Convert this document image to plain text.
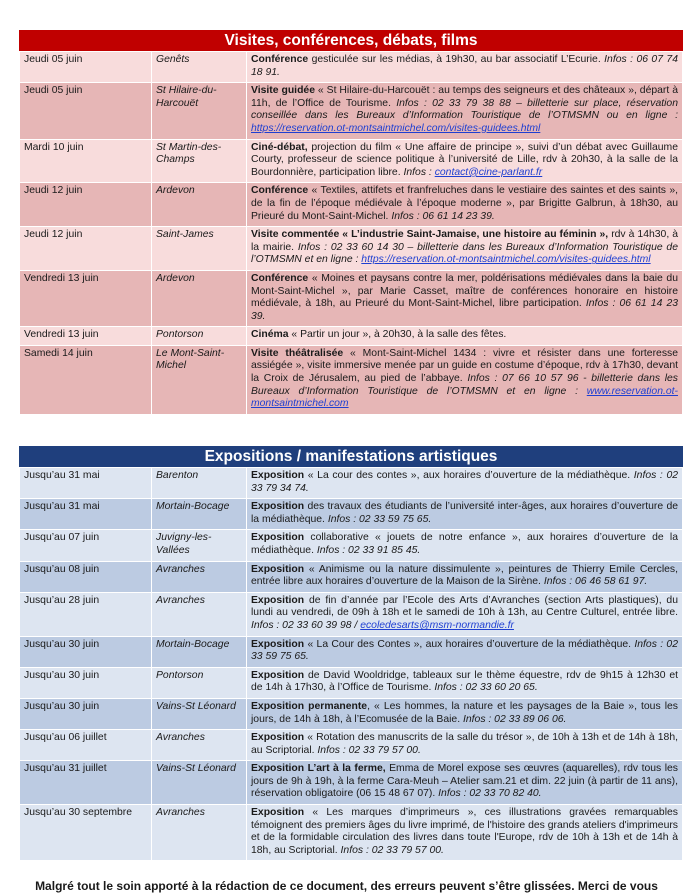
Visites, conférences, débats, films
Jeudi 05 juin	Genêts	Conférence gesticulée sur les médias, à 19h30, au bar associatif L’Ecurie. Infos : 06 07 74 18 91.
Jeudi 05 juin	St Hilaire-du-Harcouët	Visite guidée « St Hilaire-du-Harcouët : au temps des seigneurs et des châteaux », départ à 11h, de l’Office de Tourisme. Infos : 02 33 79 38 88 – billetterie sur place, réservation conseillée dans les Bureaux d’Information Touristique de l’OTMSMN ou en ligne : https://reservation.ot-montsaintmichel.com/visites-guidees.html
Mardi 10 juin	St Martin-des-Champs	Ciné-débat, projection du film « Une affaire de principe », suivi d’un débat avec Guillaume Courty, professeur de science politique à l’université de Lille, rdv à 20h30, à la salle de la Bourdonnière, participation libre. Infos : contact@cine-parlant.fr
Jeudi 12 juin	Ardevon	Conférence « Textiles, attifets et franfreluches dans le vestiaire des saintes et des saints », de la fin de l’époque médiévale à l’époque moderne », par Brigitte Galbrun, à 18h30, au Prieuré du Mont-Saint-Michel. Infos : 06 61 14 23 39.
Jeudi 12 juin	Saint-James	Visite commentée « L’industrie Saint-Jamaise, une histoire au féminin », rdv à 14h30, à la mairie. Infos : 02 33 60 14 30 – billetterie dans les Bureaux d’Information Touristique de l’OTMSMN et en ligne : https://reservation.ot-montsaintmichel.com/visites-guidees.html
Vendredi 13 juin	Ardevon	Conférence « Moines et paysans contre la mer, poldérisations médiévales dans la baie du Mont-Saint-Michel », par Marie Casset, maître de conférences honoraire en histoire médiévale, à 18h, au Prieuré du Mont-Saint-Michel, libre participation. Infos : 06 61 14 23 39.
Vendredi 13 juin	Pontorson	Cinéma « Partir un jour », à 20h30, à la salle des fêtes.
Samedi 14 juin	Le Mont-Saint-Michel	Visite théâtralisée « Mont-Saint-Michel 1434 : vivre et résister dans une forteresse assiégée », visite immersive menée par un guide en costume d’époque, rdv à 17h30, devant la Croix de Jérusalem, au pied de l’abbaye. Infos : 07 66 10 57 96 - billetterie dans les Bureaux d’Information Touristique de l’OTMSMN et en ligne : www.reservation.ot-montsaintmichel.com
Expositions / manifestations artistiques
Jusqu’au 31 mai	Barenton	Exposition « La cour des contes », aux horaires d’ouverture de la médiathèque. Infos : 02 33 79 34 74.
Jusqu’au 31 mai	Mortain-Bocage	Exposition des travaux des étudiants de l’université inter-âges, aux horaires d’ouverture de la médiathèque. Infos : 02 33 59 75 65.
Jusqu’au 07 juin	Juvigny-les-Vallées	Exposition collaborative « jouets de notre enfance », aux horaires d’ouverture de la médiathèque. Infos : 02 33 91 85 45.
Jusqu’au 08 juin	Avranches	Exposition « Animisme ou la nature dissimulente », peintures de Thierry Emile Cercles, entrée libre aux horaires d’ouverture de la Maison de la Sirène. Infos : 06 46 58 61 97.
Jusqu’au 28 juin	Avranches	Exposition de fin d’année par l’Ecole des Arts d’Avranches (section Arts plastiques), du lundi au vendredi, de 09h à 18h et le samedi de 10h à 13h, au Centre Culturel, entrée libre. Infos : 02 33 60 39 98 / ecoledesarts@msm-normandie.fr
Jusqu’au 30 juin	Mortain-Bocage	Exposition « La Cour des Contes », aux horaires d’ouverture de la médiathèque. Infos : 02 33 59 75 65.
Jusqu’au 30 juin	Pontorson	Exposition de David Wooldridge, tableaux sur le thème équestre, rdv de 9h15 à 12h30 et de 14h à 17h30, à l’Office de Tourisme. Infos : 02 33 60 20 65.
Jusqu’au 30 juin	Vains-St Léonard	Exposition permanente, « Les hommes, la nature et les paysages de la Baie », tous les jours, de 14h à 18h, à l’Ecomusée de la Baie. Infos : 02 33 89 06 06.
Jusqu’au 06 juillet	Avranches	Exposition « Rotation des manuscrits de la salle du trésor », de 10h à 13h et de 14h à 18h, au Scriptorial. Infos : 02 33 79 57 00.
Jusqu’au 31 juillet	Vains-St Léonard	Exposition L’art à la ferme, Emma de Morel expose ses œuvres (aquarelles), rdv tous les jours de 9h à 19h, à la ferme Cara-Meuh – Atelier sam.21 et dim. 22 juin (à partir de 11 ans), réservation obligatoire (06 15 48 67 07). Infos : 02 33 70 82 40.
Jusqu’au 30 septembre	Avranches	Exposition « Les marques d’imprimeurs », ces illustrations gravées remarquables témoignent des premiers âges du livre imprimé, de l'histoire des grands ateliers d'imprimeurs et de la formidable circulation des livres dans toute l'Europe, rdv de 10h à 13h et de 14h à 18h, au Scriptorial. Infos : 02 33 79 57 00.
Malgré tout le soin apporté à la rédaction de ce document, des erreurs peuvent s’être glissées. Merci de vous
